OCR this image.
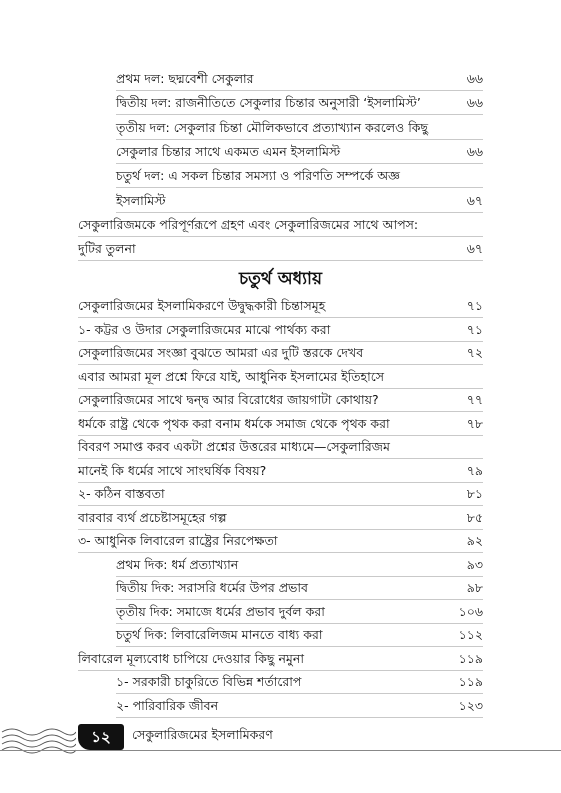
প্রথম দল: ছদ্মবেশী সেকুলার	৬৬
দ্বিতীয় দল: রাজনীতিতে সেকুলার চিন্তার অনুসারী ‘ইসলামিস্ট’	৬৬
তৃতীয় দল: সেকুলার চিন্তা মৌলিকভাবে প্রত্যাখ্যান করলেও কিছু
সেকুলার চিন্তার সাথে একমত এমন ইসলামিস্ট	৬৬
চতুর্থ দল: এ সকল চিন্তার সমস্যা ও পরিণতি সম্পর্কে অজ্ঞ
ইসলামিস্ট	৬৭
সেকুলারিজমকে পরিপূর্ণরূপে গ্রহণ এবং সেকুলারিজমের সাথে আপস:
দুটির তুলনা	৬৭
চতুর্থ অধ্যায়
সেকুলারিজমের ইসলামিকরণে উদ্বুদ্ধকারী চিন্তাসমূহ	৭১
১- কট্টর ও উদার সেকুলারিজমের মাঝে পার্থক্য করা	৭১
সেকুলারিজমের সংজ্ঞা বুঝতে আমরা এর দুটি স্তরকে দেখব	৭২
এবার আমরা মূল প্রশ্নে ফিরে যাই, আধুনিক ইসলামের ইতিহাসে
সেকুলারিজমের সাথে দ্বন্দ্ব আর বিরোধের জায়গাটা কোথায়?	৭৭
ধর্মকে রাষ্ট্র থেকে পৃথক করা বনাম ধর্মকে সমাজ থেকে পৃথক করা	৭৮
বিবরণ সমাপ্ত করব একটা প্রশ্নের উত্তরের মাধ্যমে—সেকুলারিজম
মানেই কি ধর্মের সাথে সাংঘর্ষিক বিষয়?	৭৯
২- কঠিন বাস্তবতা	৮১
বারবার ব্যর্থ প্রচেষ্টাসমূহের গল্প	৮৫
৩- আধুনিক লিবারেল রাষ্ট্রের নিরপেক্ষতা	৯২
প্রথম দিক: ধর্ম প্রত্যাখ্যান	৯৩
দ্বিতীয় দিক: সরাসরি ধর্মের উপর প্রভাব	৯৮
তৃতীয় দিক: সমাজে ধর্মের প্রভাব দুর্বল করা	১০৬
চতুর্থ দিক: লিবারেলিজম মানতে বাধ্য করা	১১২
লিবারেল মূল্যবোধ চাপিয়ে দেওয়ার কিছু নমুনা	১১৯
১- সরকারী চাকুরিতে বিভিন্ন শর্তারোপ	১১৯
২- পারিবারিক জীবন	১২৩
১২	সেকুলারিজমের ইসলামিকরণ
